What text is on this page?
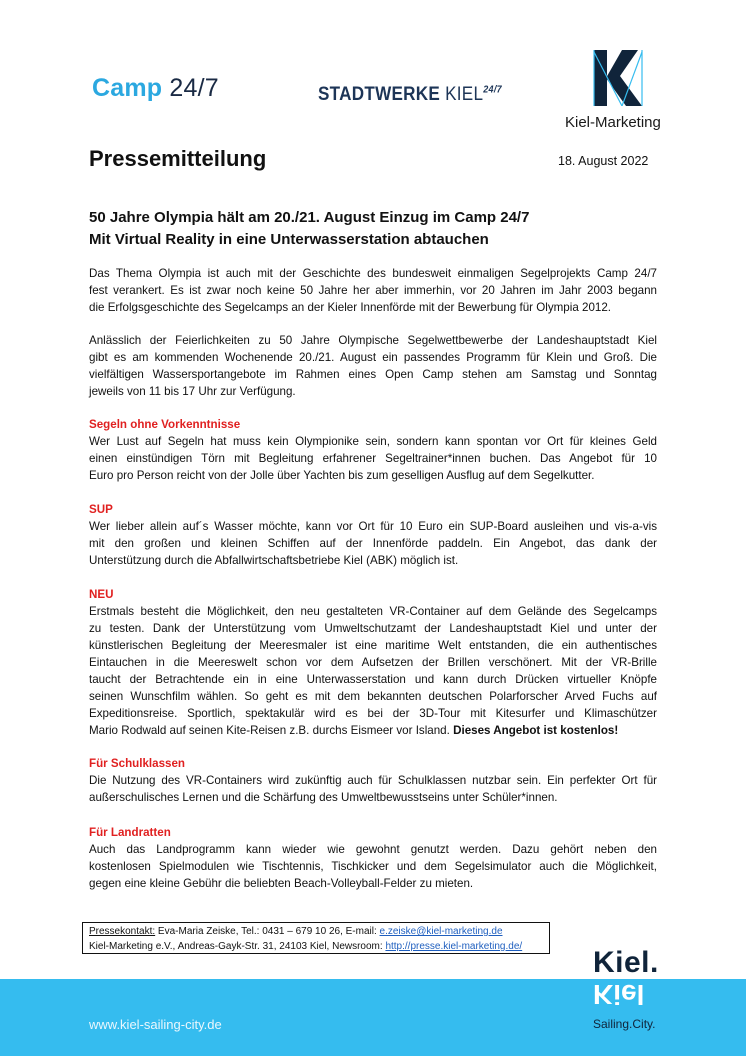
Camp 24/7	STADTWERKE $KIEL^{24/7}$
Kiel-Marketing
Pressemitteilung	18. August 2022
50 Jahre Olympia hält am 20./21. August Einzug im Camp 24/7
Mit Virtual Reality in eine Unterwasserstation abtauchen
Das Thema Olympia ist auch mit der Geschichte des bundesweit einmaligen Segelprojekts Camp 24/7
fest verankert. Es ist zwar noch keine 50 Jahre her aber immerhin, vor 20 Jahren im Jahr 2003 begann
die Erfolgsgeschichte des Segelcamps an der Kieler Innenförde mit der Bewerbung für Olympia 2012.
Anlässlich der Feierlichkeiten zu 50 Jahre Olympische Segelwettbewerbe der Landeshauptstadt Kiel
gibt es am kommenden Wochenende 20./21. August ein passendes Programm für Klein und Groß. Die
vielfältigen Wassersportangebote im Rahmen eines Open Camp stehen am Samstag und Sonntag
jeweils von 11 bis 17 Uhr zur Verfügung.
Segeln ohne Vorkenntnisse
Wer Lust auf Segeln hat muss kein Olympionike sein, sondern kann spontan vor Ort für kleines Geld
einen einstündigen Törn mit Begleitung erfahrener Segeltrainer*innen buchen. Das Angebot für 10
Euro pro Person reicht von der Jolle über Yachten bis zum geselligen Ausflug auf dem Segelkutter.
SUP
Wer lieber allein auf´s Wasser möchte, kann vor Ort für 10 Euro ein SUP-Board ausleihen und vis-a-vis
mit den großen und kleinen Schiffen auf der Innenförde paddeln. Ein Angebot, das dank der
Unterstützung durch die Abfallwirtschaftsbetriebe Kiel (ABK) möglich ist.
NEU
Erstmals besteht die Möglichkeit, den neu gestalteten VR-Container auf dem Gelände des Segelcamps
zu testen. Dank der Unterstützung vom Umweltschutzamt der Landeshauptstadt Kiel und unter der
künstlerischen Begleitung der Meeresmaler ist eine maritime Welt entstanden, die ein authentisches
Eintauchen in die Meereswelt schon vor dem Aufsetzen der Brillen verschönert. Mit der VR-Brille
taucht der Betrachtende ein in eine Unterwasserstation und kann durch Drücken virtueller Knöpfe
seinen Wunschfilm wählen. So geht es mit dem bekannten deutschen Polarforscher Arved Fuchs auf
Expeditionsreise. Sportlich, spektakulär wird es bei der 3D-Tour mit Kitesurfer und Klimaschützer
Mario Rodwald auf seinen Kite-Reisen z.B. durchs Eismeer vor Island. Dieses Angebot ist kostenlos!
Für Schulklassen
Die Nutzung des VR-Containers wird zukünftig auch für Schulklassen nutzbar sein. Ein perfekter Ort für
außerschulisches Lernen und die Schärfung des Umweltbewusstseins unter Schüler*innen.
Für Landratten
Auch das Landprogramm kann wieder wie gewohnt genutzt werden. Dazu gehört neben den
kostenlosen Spielmodulen wie Tischtennis, Tischkicker und dem Segelsimulator auch die Möglichkeit,
gegen eine kleine Gebühr die beliebten Beach-Volleyball-Felder zu mieten.
Pressekontakt: Eva-Maria Zeiske, Tel.: 0431 – 679 10 26, E-mail: e.zeiske@kiel-marketing.de
Kiel-Marketing e.V., Andreas-Gayk-Str. 31, 24103 Kiel, Newsroom: http://presse.kiel-marketing.de/
www.kiel-sailing-city.de
Kiel.
Kiel
Sailing.City.
